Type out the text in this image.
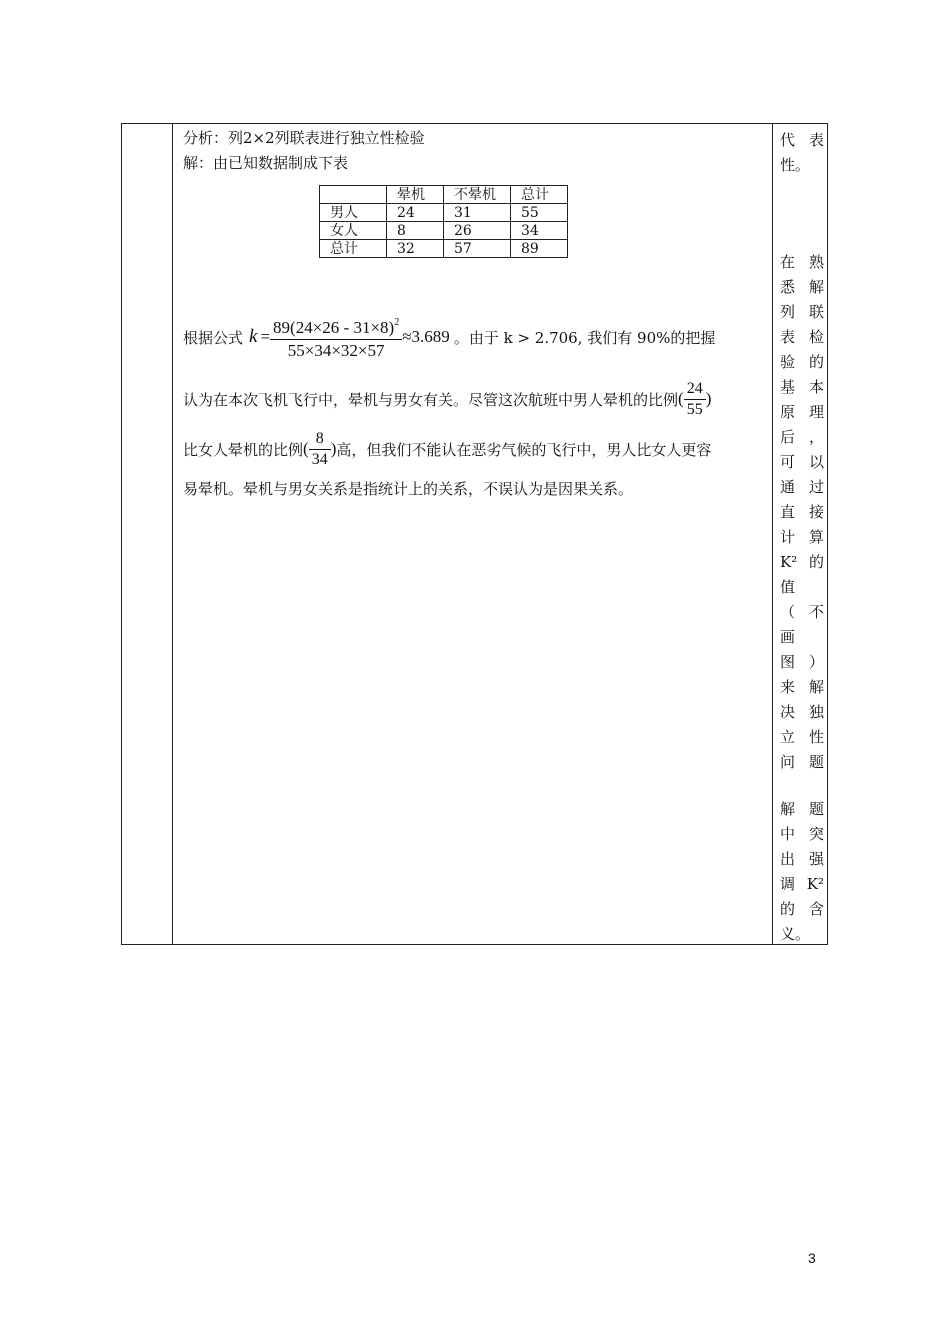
分析：列2×2列联表进行独立性检验

解：由已知数据制成下表

	晕机	不晕机	总计
男人	24	31	55
女人	8	26	34
总计	32	57	89
根据公式 $k = \frac{89(24\times 26 - 31\times 8)^2}{55\times 34\times 32\times 57} \approx 3.689$ 。由于 k > 2.706, 我们有 90%的把握
认为在本次飞机飞行中，晕机与男女有关。尽管这次航班中男人晕机的比例 ( $\frac{24}{55}$ )
比女人晕机的比例 ( $\frac{8}{34}$ ) 高，但我们不能认在恶劣气候的飞行中，男人比女人更容
易晕机。晕机与男女关系是指统计上的关系，不误认为是因果关系。
代表
性。
在熟
悉解
列联
表检
验的
基本
原理
后，
可以
通过
直接
计算
K²的
值
（不
画
图）
来解
决独
立性
问题
解题
中突
出强
调K²
的含
义。
3
